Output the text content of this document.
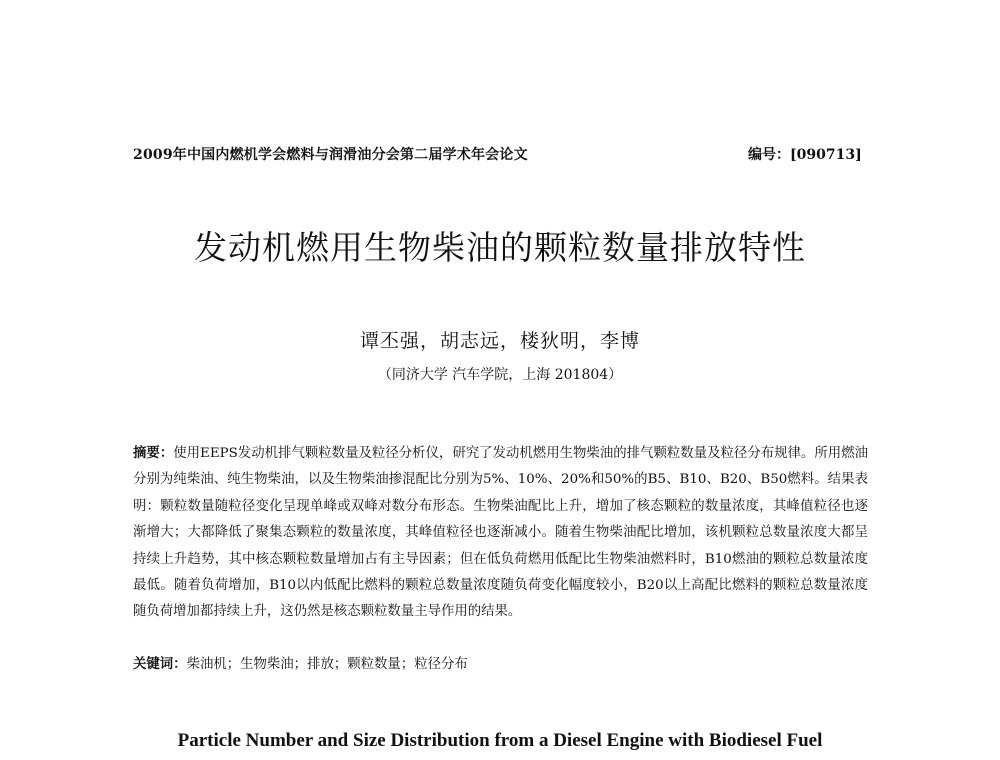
2009年中国内燃机学会燃料与润滑油分会第二届学术年会论文	编号：[090713]
发动机燃用生物柴油的颗粒数量排放特性
谭丕强，胡志远，楼狄明，李博
（同济大学 汽车学院，上海 201804）
摘要：使用EEPS发动机排气颗粒数量及粒径分析仪，研究了发动机燃用生物柴油的排气颗粒数量及粒径分布规律。所用燃油分别为纯柴油、纯生物柴油，以及生物柴油掺混配比分别为5%、10%、20%和50%的B5、B10、B20、B50燃料。结果表明：颗粒数量随粒径变化呈现单峰或双峰对数分布形态。生物柴油配比上升，增加了核态颗粒的数量浓度，其峰值粒径也逐渐增大；大都降低了聚集态颗粒的数量浓度，其峰值粒径也逐渐减小。随着生物柴油配比增加，该机颗粒总数量浓度大都呈持续上升趋势，其中核态颗粒数量增加占有主导因素；但在低负荷燃用低配比生物柴油燃料时，B10燃油的颗粒总数量浓度最低。随着负荷增加，B10以内低配比燃料的颗粒总数量浓度随负荷变化幅度较小，B20以上高配比燃料的颗粒总数量浓度随负荷增加都持续上升，这仍然是核态颗粒数量主导作用的结果。
关键词：柴油机；生物柴油；排放；颗粒数量；粒径分布
Particle Number and Size Distribution from a Diesel Engine with Biodiesel Fuel
